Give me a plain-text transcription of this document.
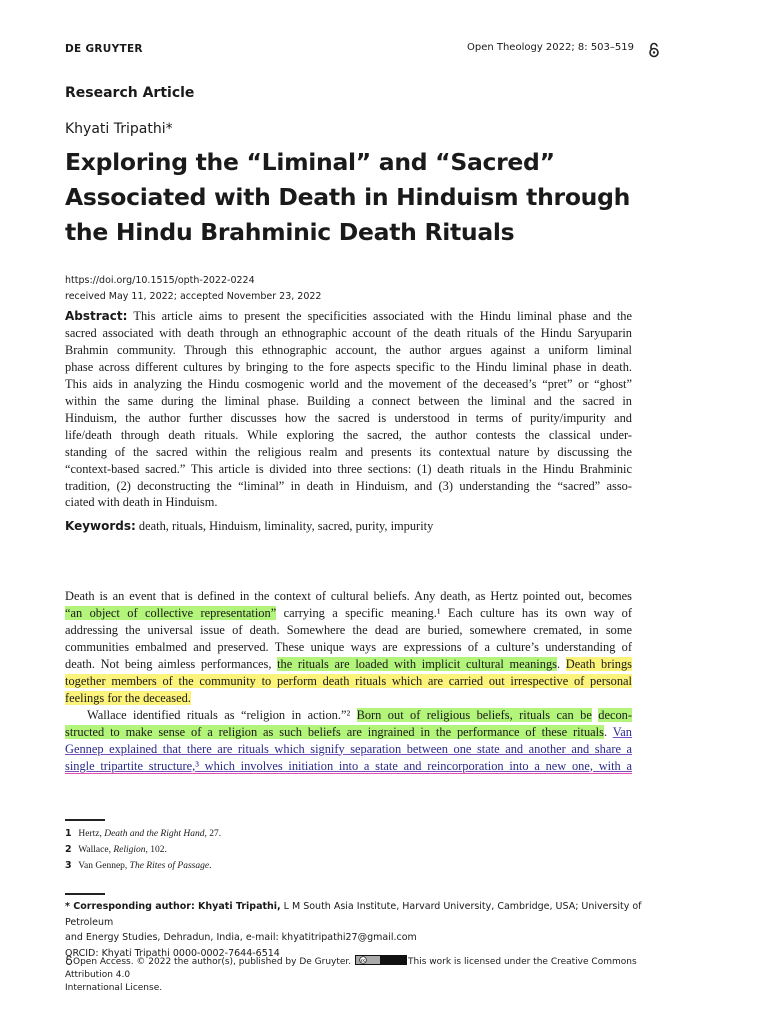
DE GRUYTER	Open Theology 2022; 8: 503–519
Research Article
Khyati Tripathi*
Exploring the “Liminal” and “Sacred”
Associated with Death in Hinduism through
the Hindu Brahminic Death Rituals
https://doi.org/10.1515/opth-2022-0224
received May 11, 2022; accepted November 23, 2022
Abstract: This article aims to present the specificities associated with the Hindu liminal phase and the
sacred associated with death through an ethnographic account of the death rituals of the Hindu Saryuparin
Brahmin community. Through this ethnographic account, the author argues against a uniform liminal
phase across different cultures by bringing to the fore aspects specific to the Hindu liminal phase in death.
This aids in analyzing the Hindu cosmogenic world and the movement of the deceased’s “pret” or “ghost”
within the same during the liminal phase. Building a connect between the liminal and the sacred in
Hinduism, the author further discusses how the sacred is understood in terms of purity/impurity and
life/death through death rituals. While exploring the sacred, the author contests the classical under-
standing of the sacred within the religious realm and presents its contextual nature by discussing the
“context-based sacred.” This article is divided into three sections: (1) death rituals in the Hindu Brahminic
tradition, (2) deconstructing the “liminal” in death in Hinduism, and (3) understanding the “sacred” asso-
ciated with death in Hinduism.
Keywords: death, rituals, Hinduism, liminality, sacred, purity, impurity
Death is an event that is defined in the context of cultural beliefs. Any death, as Hertz pointed out, becomes
“an object of collective representation” carrying a specific meaning.¹ Each culture has its own way of
addressing the universal issue of death. Somewhere the dead are buried, somewhere cremated, in some
communities embalmed and preserved. These unique ways are expressions of a culture’s understanding of
death. Not being aimless performances, the rituals are loaded with implicit cultural meanings. Death brings
together members of the community to perform death rituals which are carried out irrespective of personal
feelings for the deceased.
Wallace identified rituals as “religion in action.”² Born out of religious beliefs, rituals can be decon-
structed to make sense of a religion as such beliefs are ingrained in the performance of these rituals. Van
Gennep explained that there are rituals which signify separation between one state and another and share a
single tripartite structure,³ which involves initiation into a state and reincorporation into a new one, with a
1 Hertz, Death and the Right Hand, 27.
2 Wallace, Religion, 102.
3 Van Gennep, The Rites of Passage.
* Corresponding author: Khyati Tripathi, L M South Asia Institute, Harvard University, Cambridge, USA; University of Petroleum
and Energy Studies, Dehradun, India, e-mail: khyatitripathi27@gmail.com
ORCID: Khyati Tripathi 0000-0002-7644-6514
Open Access. © 2022 the author(s), published by De Gruyter.	cc	This work is licensed under the Creative Commons Attribution 4.0
International License.
